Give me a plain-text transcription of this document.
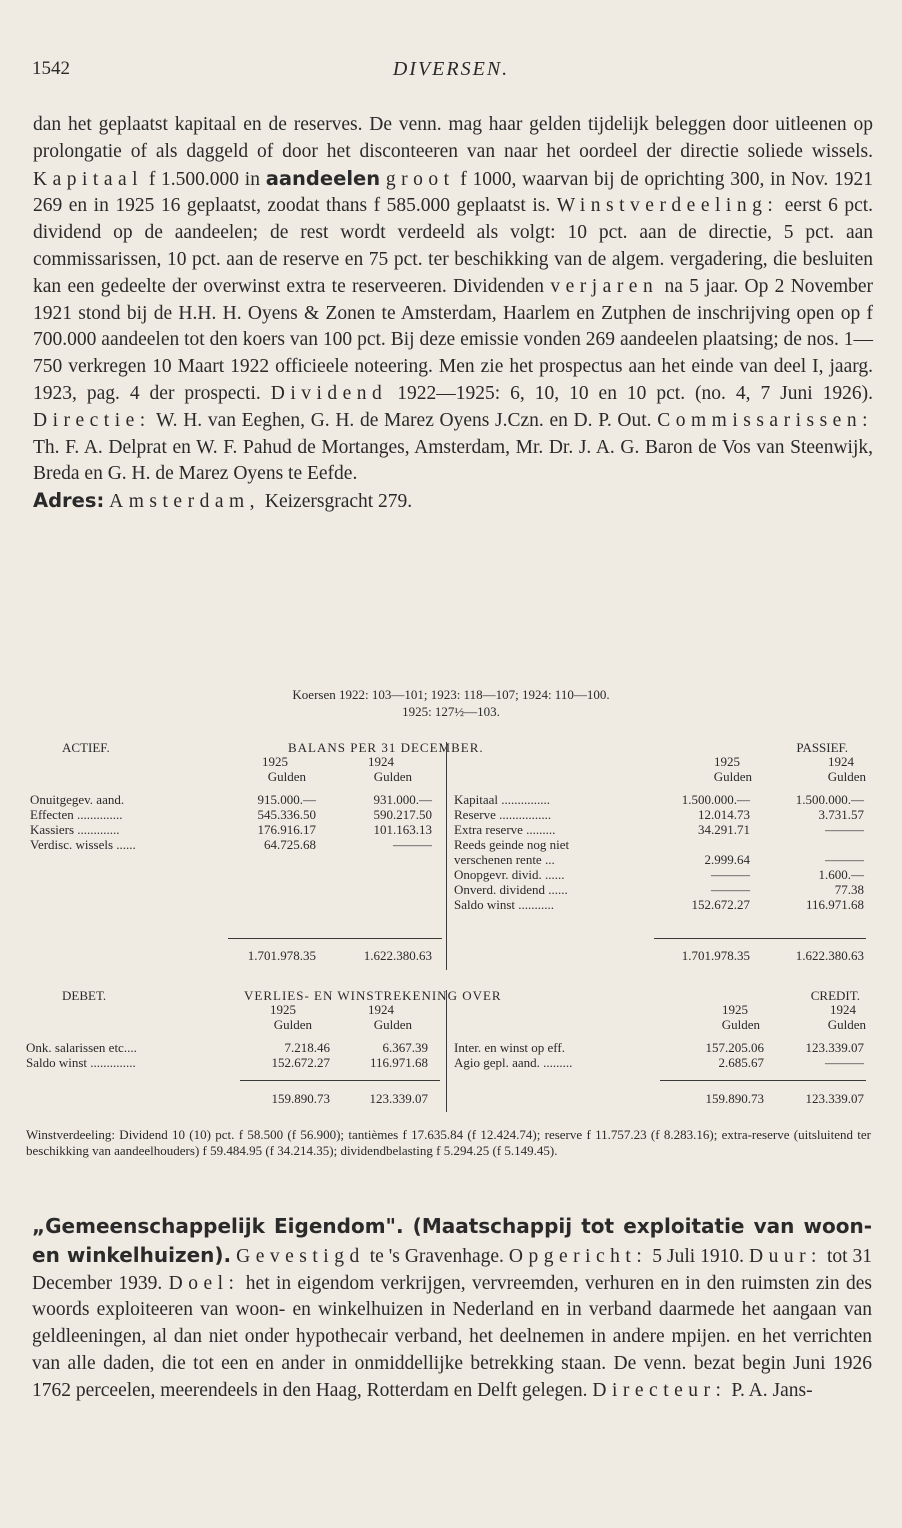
1542	DIVERSEN.

dan het geplaatst kapitaal en de reserves. De venn. mag haar gelden tijdelijk beleggen door uitleenen op prolongatie of als daggeld of door het disconteeren van naar het oordeel der directie soliede wissels. Kapitaal f 1.500.000 in aandeelen groot f 1000, waarvan bij de oprichting 300, in Nov. 1921 269 en in 1925 16 geplaatst, zoodat thans f 585.000 geplaatst is. Winstverdeeling: eerst 6 pct. dividend op de aandeelen; de rest wordt verdeeld als volgt: 10 pct. aan de directie, 5 pct. aan commissarissen, 10 pct. aan de reserve en 75 pct. ter beschikking van de algem. vergadering, die besluiten kan een gedeelte der overwinst extra te reserveeren. Dividenden verjaren na 5 jaar. Op 2 November 1921 stond bij de H.H. H. Oyens & Zonen te Amsterdam, Haarlem en Zutphen de inschrijving open op f 700.000 aandeelen tot den koers van 100 pct. Bij deze emissie vonden 269 aandeelen plaatsing; de nos. 1—750 verkregen 10 Maart 1922 officieele noteering. Men zie het prospectus aan het einde van deel I, jaarg. 1923, pag. 4 der prospecti. Dividend 1922—1925: 6, 10, 10 en 10 pct. (no. 4, 7 Juni 1926). Directie: W. H. van Eeghen, G. H. de Marez Oyens J.Czn. en D. P. Out. Commissarissen: Th. F. A. Delprat en W. F. Pahud de Mortanges, Amsterdam, Mr. Dr. J. A. G. Baron de Vos van Steenwijk, Breda en G. H. de Marez Oyens te Eefde.
Adres: Amsterdam, Keizersgracht 279.

Koersen 1922: 103—101; 1923: 118—107; 1924: 110—100.
1925: 127½—103.
ACTIEF.	BALANS PER 31 DECEMBER.	PASSIEF.
1925	1924	1925	1924
Gulden	Gulden	Gulden	Gulden
Onuitgegev. aand.	915.000.—	931.000.—
Effecten ..............	545.336.50	590.217.50
Kassiers .............	176.916.17	101.163.13
Verdisc. wissels ......	64.725.68	———
Kapitaal ...............	1.500.000.—	1.500.000.—
Reserve ................	12.014.73	3.731.57
Extra reserve .........	34.291.71	———
Reeds geinde nog niet
verschenen rente ...	2.999.64	———
Onopgevr. divid. ......	———	1.600.—
Onverd. dividend ......	———	77.38
Saldo winst ...........	152.672.27	116.971.68
1.701.978.35	1.622.380.63	1.701.978.35	1.622.380.63
DEBET.	VERLIES- EN WINSTREKENING OVER	CREDIT.
1925	1924	1925	1924
Gulden	Gulden	Gulden	Gulden
Onk. salarissen etc....	7.218.46	6.367.39
Saldo winst ..............	152.672.27	116.971.68
Inter. en winst op eff.	157.205.06	123.339.07
Agio gepl. aand. .........	2.685.67	———
159.890.73	123.339.07	159.890.73	123.339.07

Winstverdeeling: Dividend 10 (10) pct. f 58.500 (f 56.900); tantièmes f 17.635.84 (f 12.424.74); reserve f 11.757.23 (f 8.283.16); extra-reserve (uitsluitend ter beschikking van aandeelhouders) f 59.484.95 (f 34.214.35); dividendbelasting f 5.294.25 (f 5.149.45).

„Gemeenschappelijk Eigendom". (Maatschappij tot exploitatie van woon- en winkelhuizen). Gevestigd te 's Gravenhage. Opgericht: 5 Juli 1910. Duur: tot 31 December 1939. Doel: het in eigendom verkrijgen, vervreemden, verhuren en in den ruimsten zin des woords exploiteeren van woon- en winkelhuizen in Nederland en in verband daarmede het aangaan van geldleeningen, al dan niet onder hypothecair verband, het deelnemen in andere mpijen. en het verrichten van alle daden, die tot een en ander in onmiddellijke betrekking staan. De venn. bezat begin Juni 1926 1762 perceelen, meerendeels in den Haag, Rotterdam en Delft gelegen. Directeur: P. A. Jans-
